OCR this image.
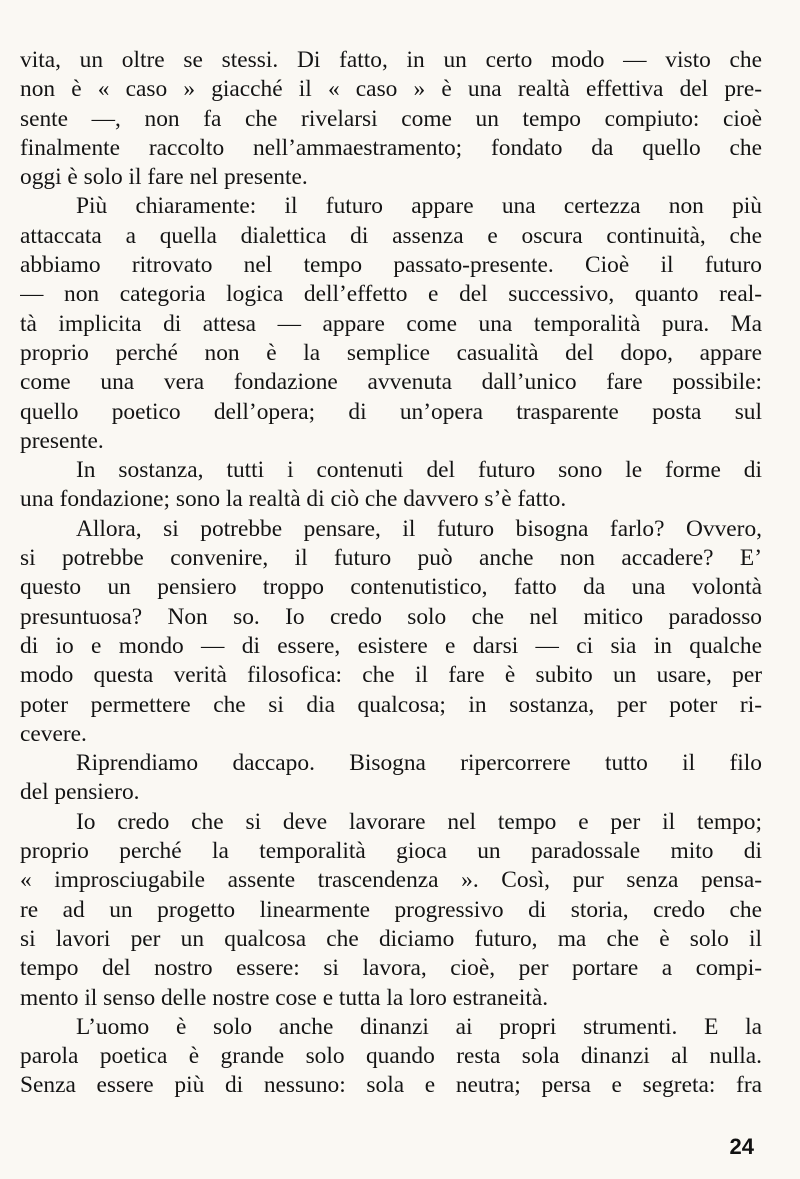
vita, un oltre se stessi. Di fatto, in un certo modo — visto che
non è « caso » giacché il « caso » è una realtà effettiva del pre-
sente —, non fa che rivelarsi come un tempo compiuto: cioè
finalmente raccolto nell’ammaestramento; fondato da quello che
oggi è solo il fare nel presente.
Più chiaramente: il futuro appare una certezza non più
attaccata a quella dialettica di assenza e oscura continuità, che
abbiamo ritrovato nel tempo passato-presente. Cioè il futuro
— non categoria logica dell’effetto e del successivo, quanto real-
tà implicita di attesa — appare come una temporalità pura. Ma
proprio perché non è la semplice casualità del dopo, appare
come una vera fondazione avvenuta dall’unico fare possibile:
quello poetico dell’opera; di un’opera trasparente posta sul
presente.
In sostanza, tutti i contenuti del futuro sono le forme di
una fondazione; sono la realtà di ciò che davvero s’è fatto.
Allora, si potrebbe pensare, il futuro bisogna farlo? Ovvero,
si potrebbe convenire, il futuro può anche non accadere? E’
questo un pensiero troppo contenutistico, fatto da una volontà
presuntuosa? Non so. Io credo solo che nel mitico paradosso
di io e mondo — di essere, esistere e darsi — ci sia in qualche
modo questa verità filosofica: che il fare è subito un usare, per
poter permettere che si dia qualcosa; in sostanza, per poter ri-
cevere.
Riprendiamo daccapo. Bisogna ripercorrere tutto il filo
del pensiero.
Io credo che si deve lavorare nel tempo e per il tempo;
proprio perché la temporalità gioca un paradossale mito di
« improsciugabile assente trascendenza ». Così, pur senza pensa-
re ad un progetto linearmente progressivo di storia, credo che
si lavori per un qualcosa che diciamo futuro, ma che è solo il
tempo del nostro essere: si lavora, cioè, per portare a compi-
mento il senso delle nostre cose e tutta la loro estraneità.
L’uomo è solo anche dinanzi ai propri strumenti. E la
parola poetica è grande solo quando resta sola dinanzi al nulla.
Senza essere più di nessuno: sola e neutra; persa e segreta: fra
24
